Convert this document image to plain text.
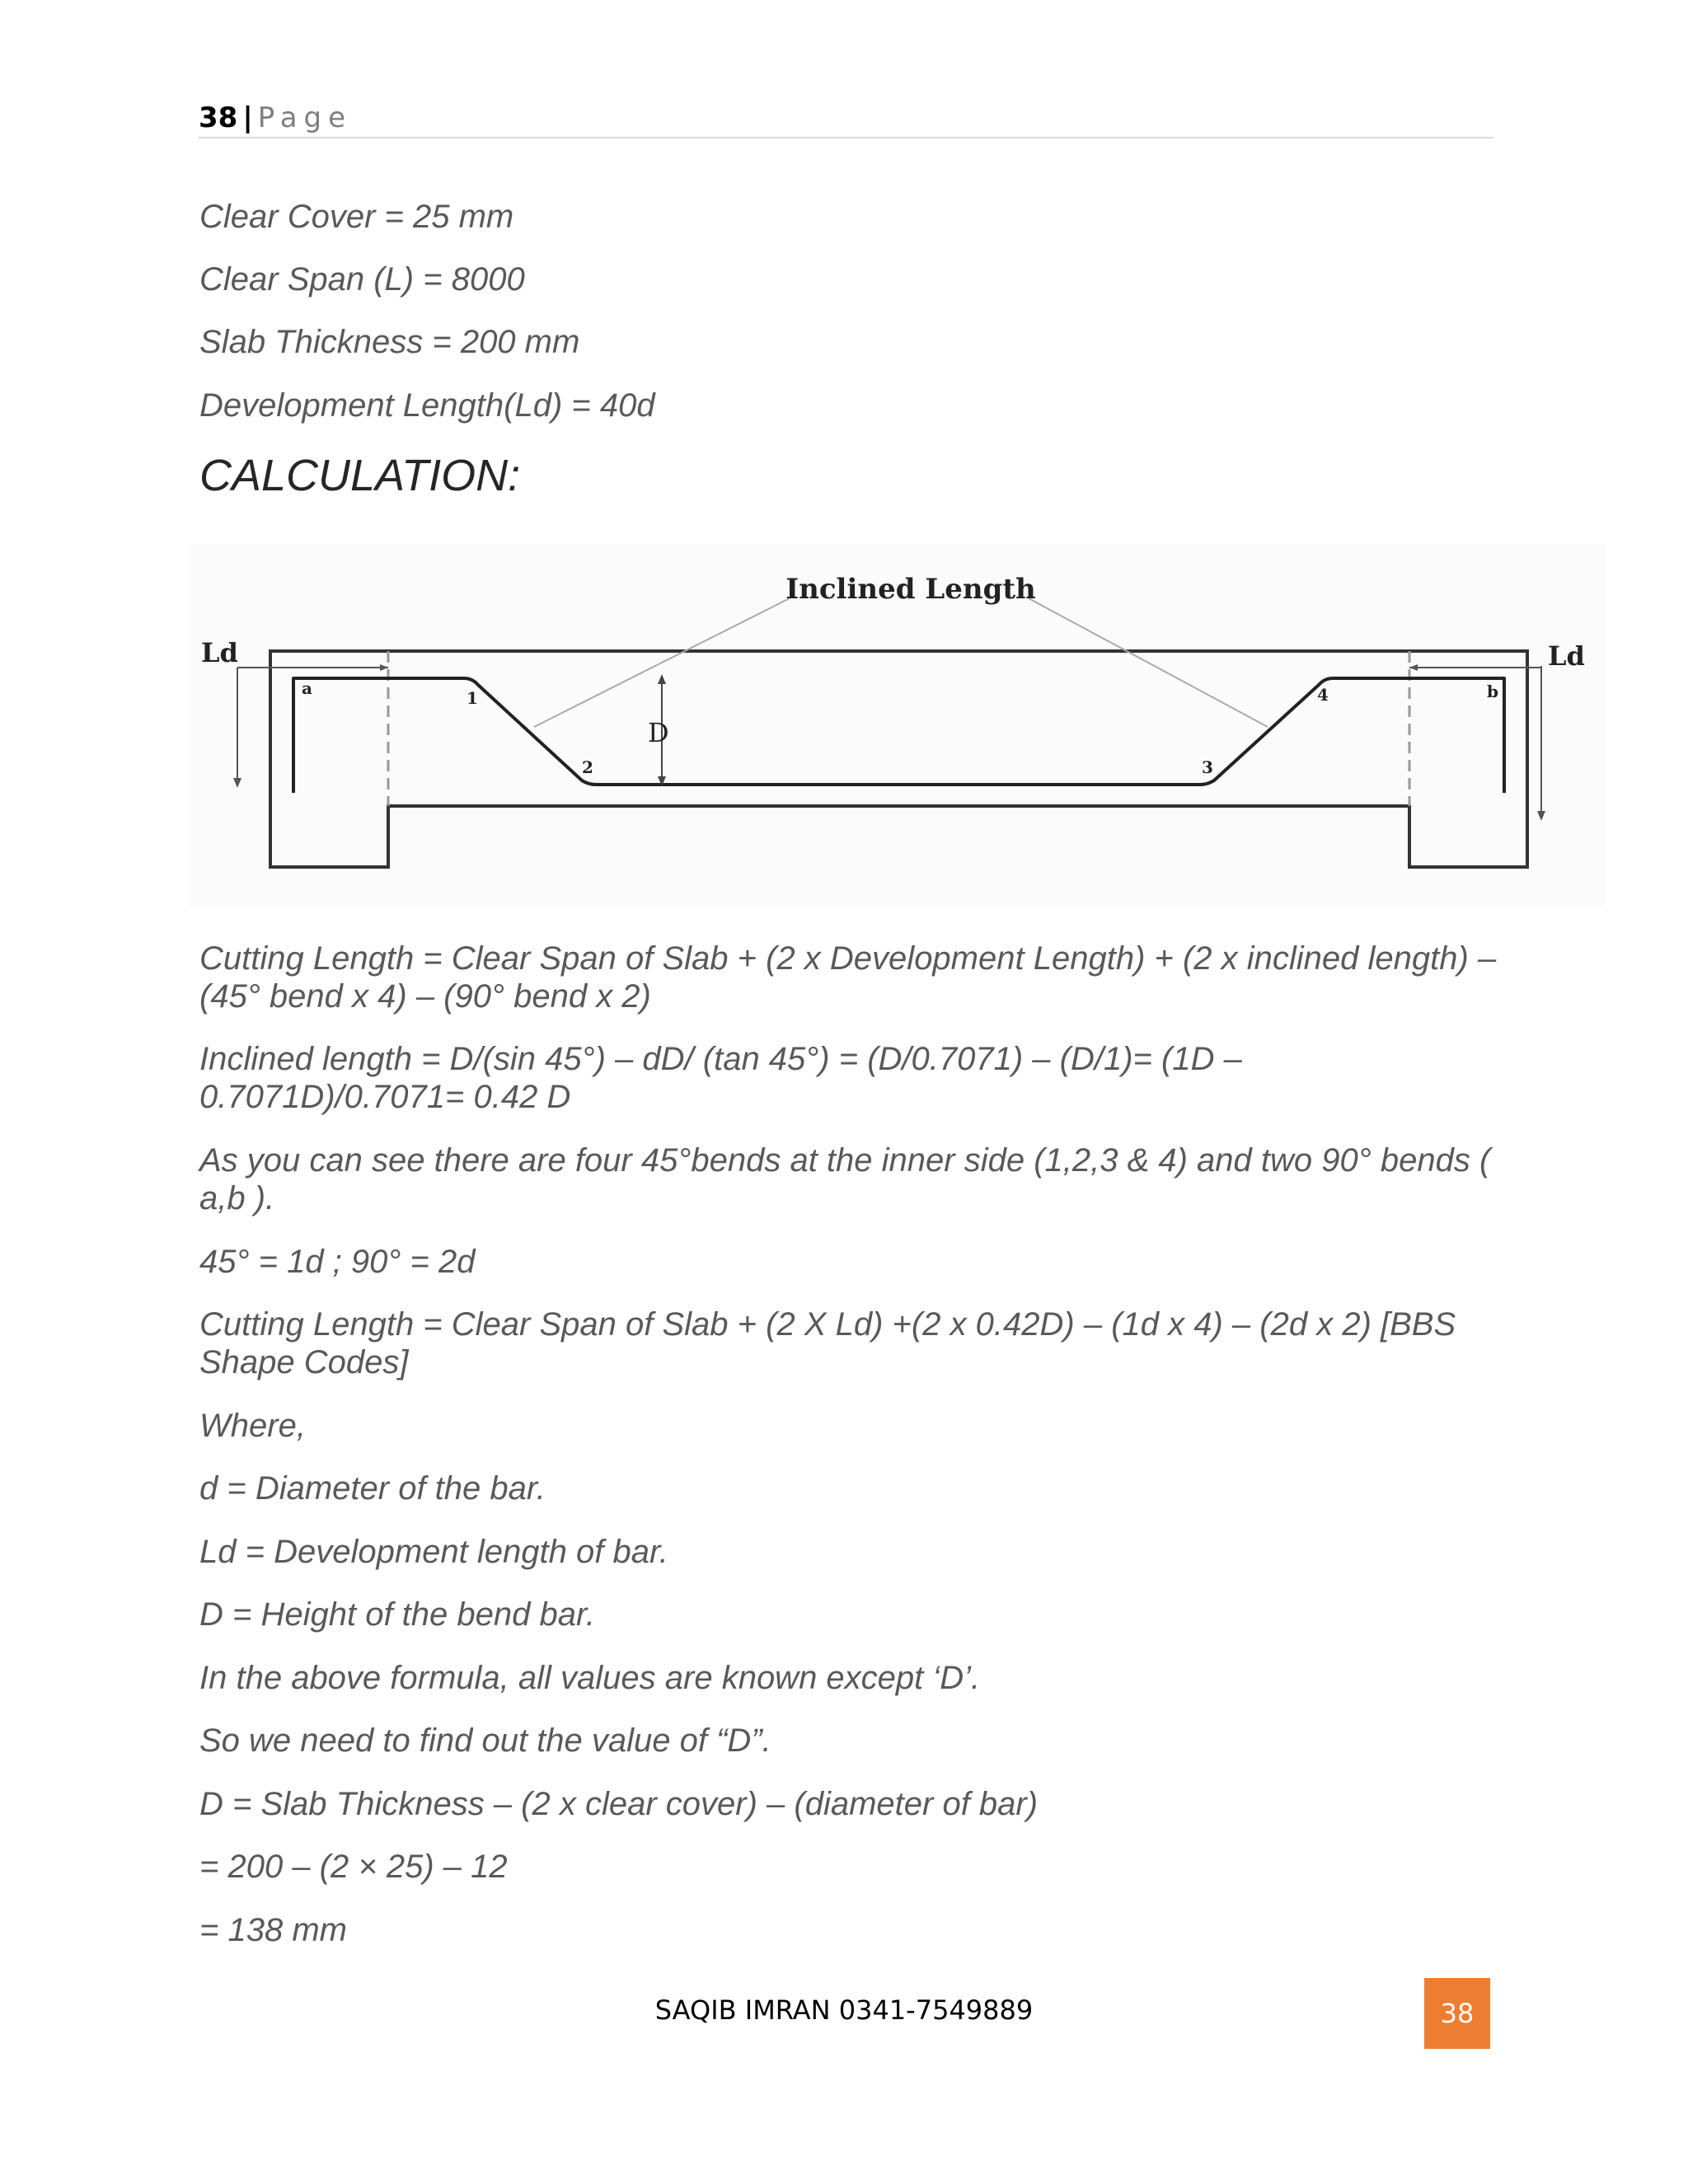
38 | Page
Clear Cover = 25 mm
Clear Span (L) = 8000
Slab Thickness = 200 mm
Development Length(Ld) = 40d
CALCULATION:
Inclined Length
Ld	Ld
D
a	b
1
2	3
4
Cutting Length = Clear Span of Slab + (2 x Development Length) + (2 x inclined length) – (45° bend x 4) – (90° bend x 2)
Inclined length = D/(sin 45°) – dD/ (tan 45°) = (D/0.7071) – (D/1)= (1D – 0.7071D)/0.7071= 0.42 D
As you can see there are four 45°bends at the inner side (1,2,3 & 4) and two 90° bends ( a,b ).
45° = 1d ; 90° = 2d
Cutting Length = Clear Span of Slab + (2 X Ld) +(2 x 0.42D) – (1d x 4) – (2d x 2) [BBS Shape Codes]
Where,
d = Diameter of the bar.
Ld = Development length of bar.
D = Height of the bend bar.
In the above formula, all values are known except ‘D’.
So we need to find out the value of “D”.
D = Slab Thickness – (2 x clear cover) – (diameter of bar)
= 200 – (2 × 25) – 12
= 138 mm
SAQIB IMRAN 0341-7549889	38
